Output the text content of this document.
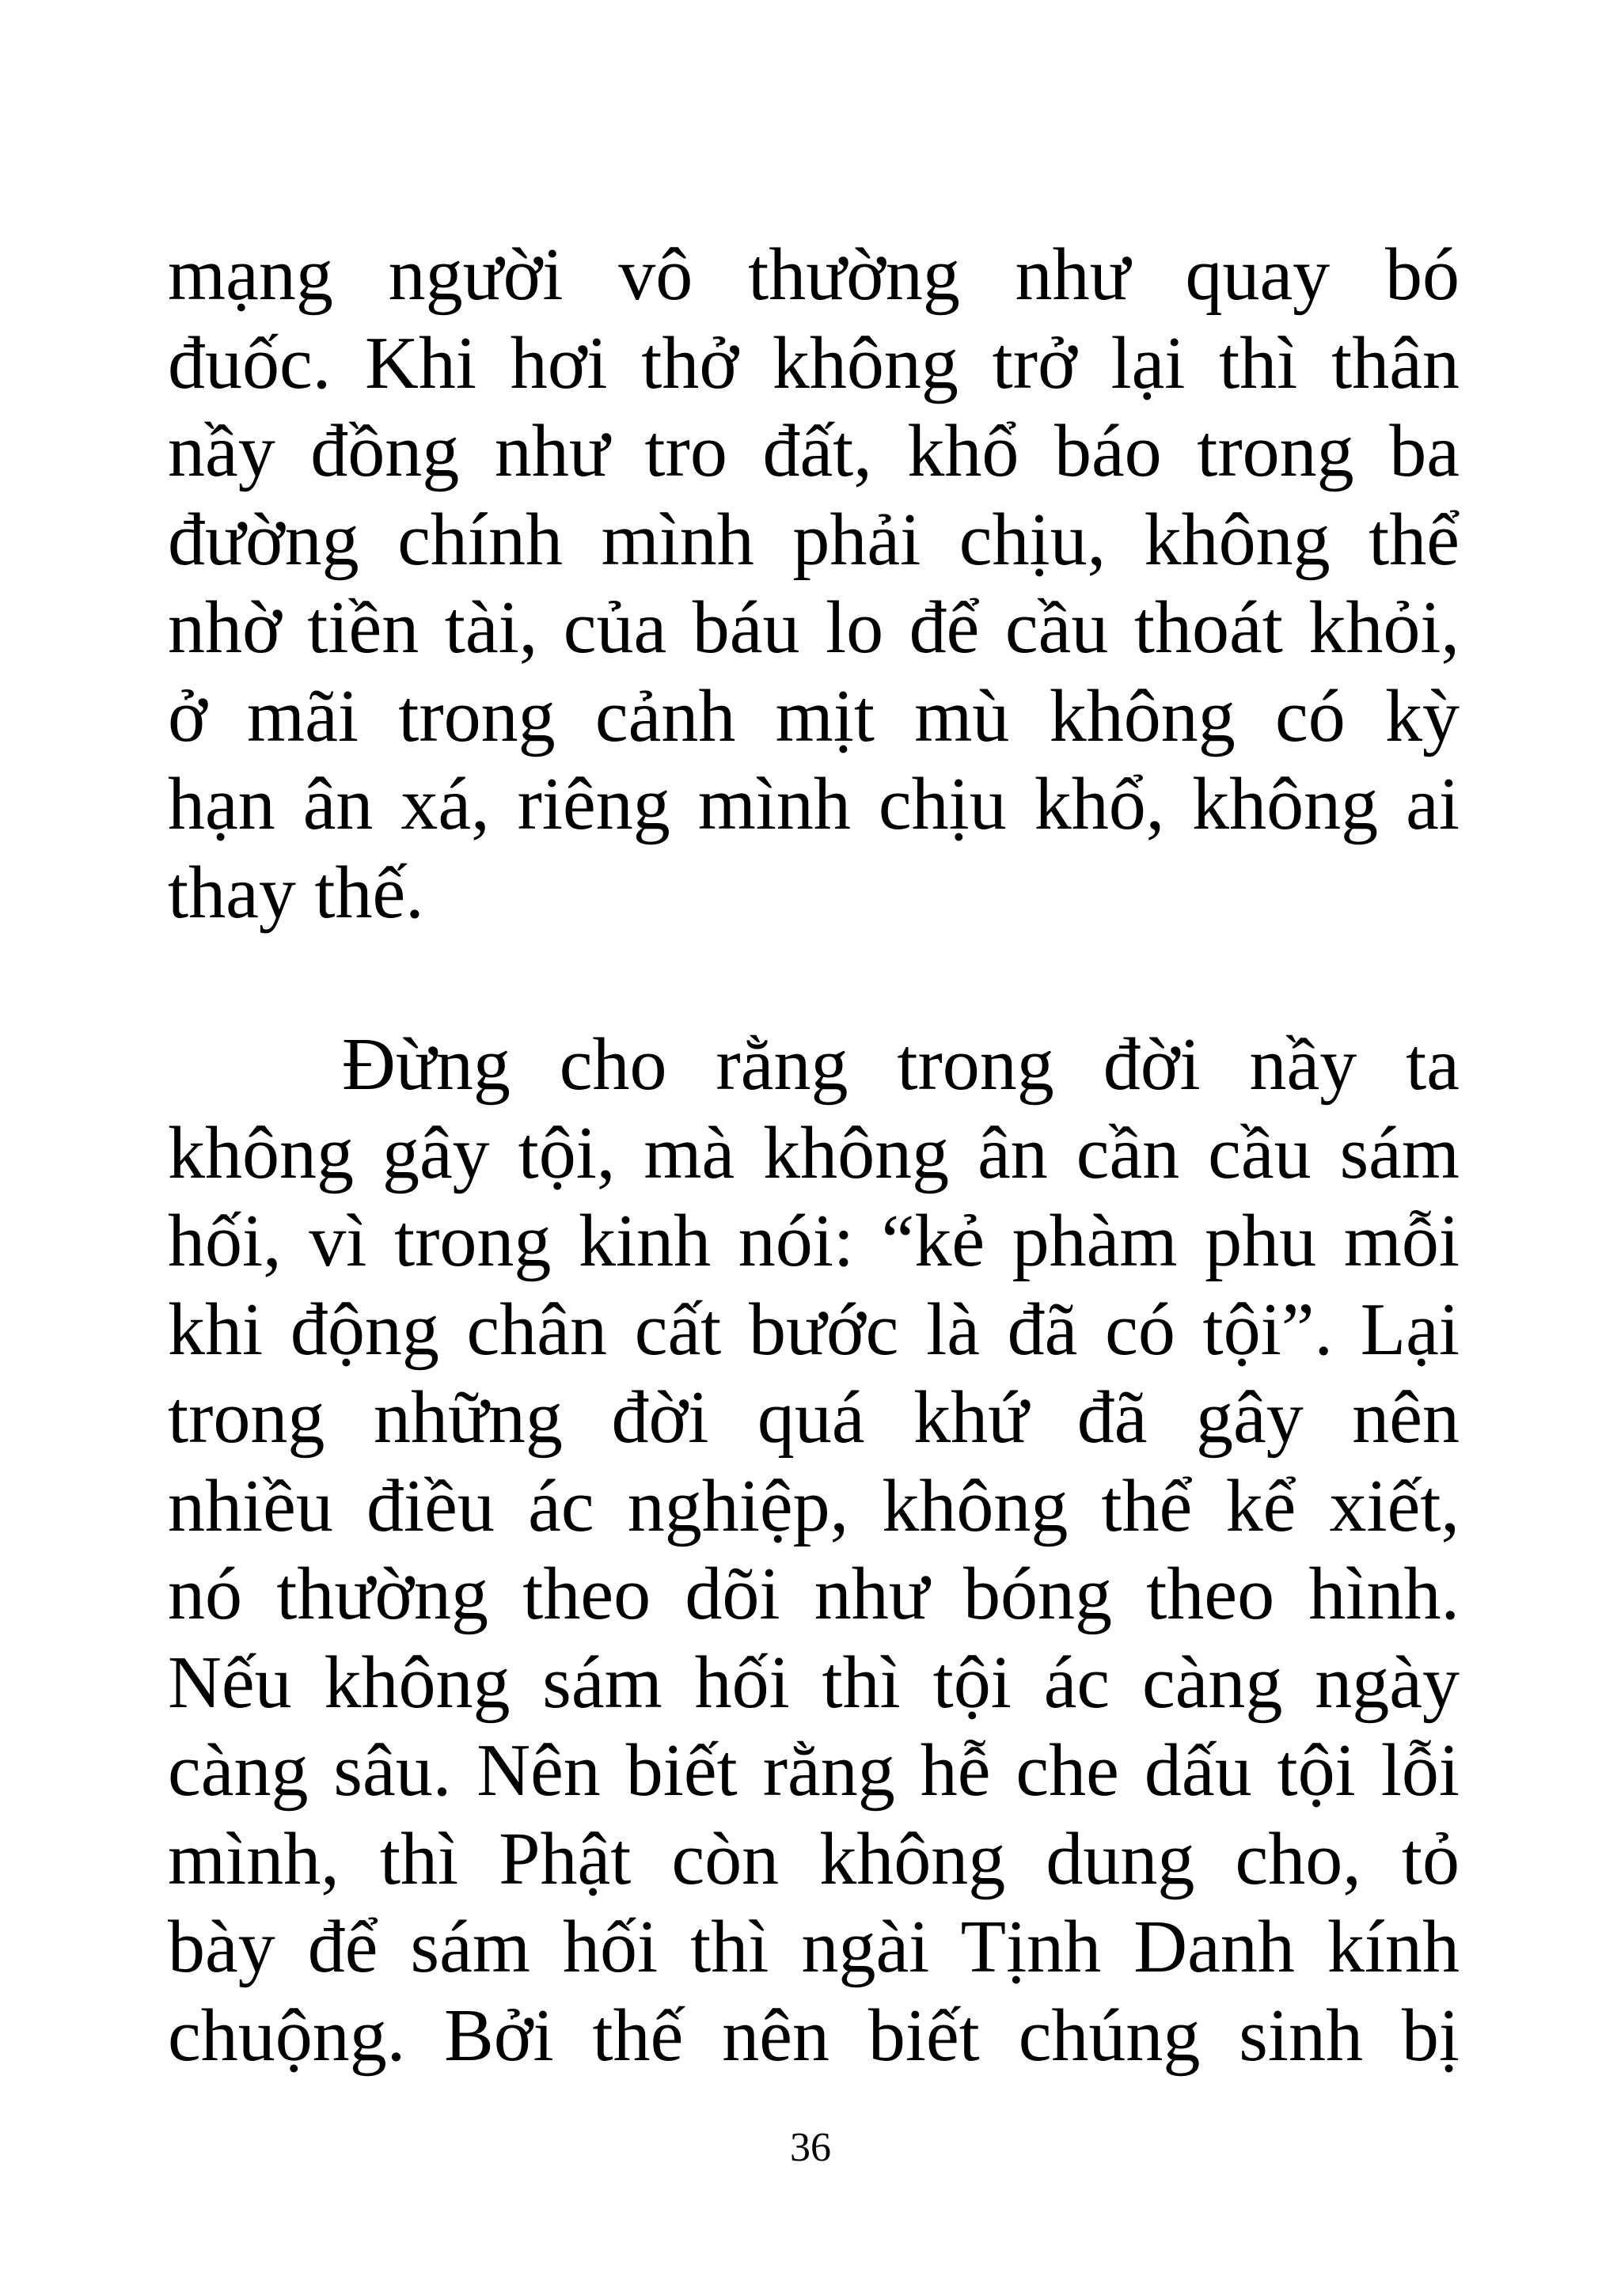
mạng người vô thường như quay bó
đuốc. Khi hơi thở không trở lại thì thân
nầy đồng như tro đất, khổ báo trong ba
đường chính mình phải chịu, không thể
nhờ tiền tài, của báu lo để cầu thoát khỏi,
ở mãi trong cảnh mịt mù không có kỳ
hạn ân xá, riêng mình chịu khổ, không ai
thay thế.
Đừng cho rằng trong đời nầy ta
không gây tội, mà không ân cần cầu sám
hối, vì trong kinh nói: “kẻ phàm phu mỗi
khi động chân cất bước là đã có tội”. Lại
trong những đời quá khứ đã gây nên
nhiều điều ác nghiệp, không thể kể xiết,
nó thường theo dõi như bóng theo hình.
Nếu không sám hối thì tội ác càng ngày
càng sâu. Nên biết rằng hễ che dấu tội lỗi
mình, thì Phật còn không dung cho, tỏ
bày để sám hối thì ngài Tịnh Danh kính
chuộng. Bởi thế nên biết chúng sinh bị
36
